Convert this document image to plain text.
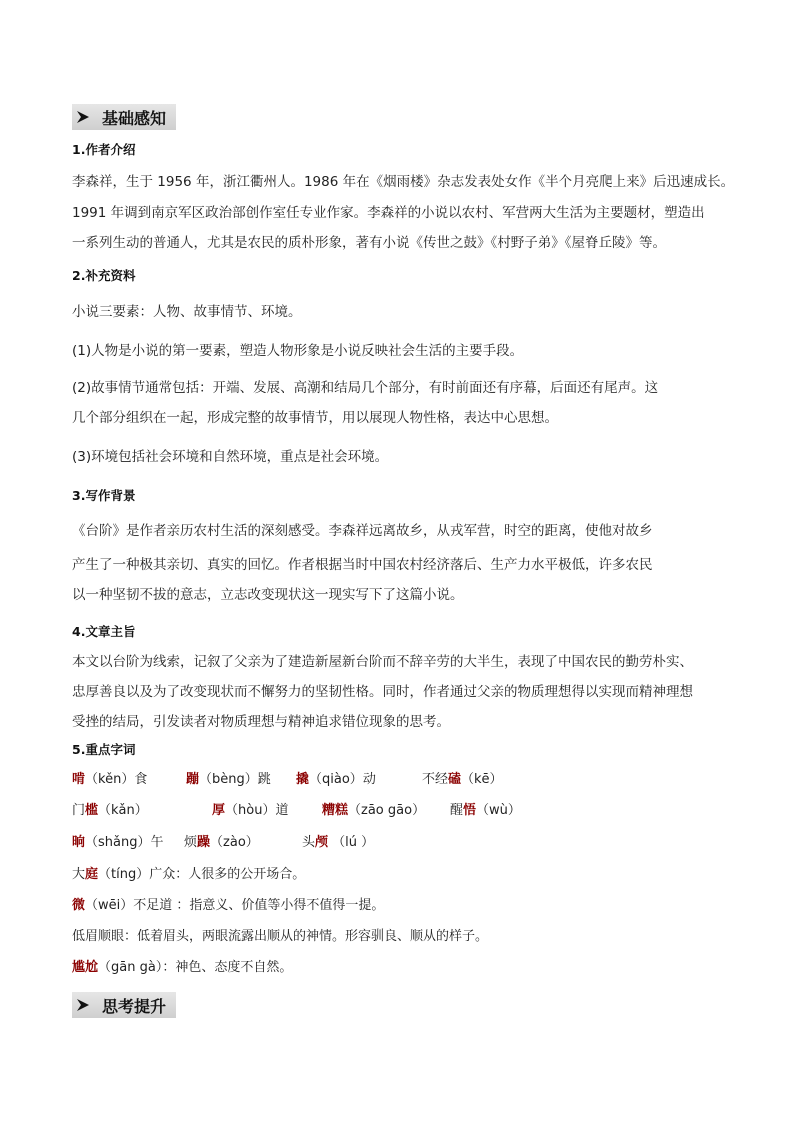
基础感知
1.作者介绍
李森祥，生于 1956 年，浙江衢州人。1986 年在《烟雨楼》杂志发表处女作《半个月亮爬上来》后迅速成长。
1991 年调到南京军区政治部创作室任专业作家。李森祥的小说以农村、军营两大生活为主要题材，塑造出
一系列生动的普通人，尤其是农民的质朴形象，著有小说《传世之鼓》《村野子弟》《屋脊丘陵》等。
2.补充资料
小说三要素：人物、故事情节、环境。
(1)人物是小说的第一要素，塑造人物形象是小说反映社会生活的主要手段。
(2)故事情节通常包括：开端、发展、高潮和结局几个部分，有时前面还有序幕，后面还有尾声。这
几个部分组织在一起，形成完整的故事情节，用以展现人物性格，表达中心思想。
(3)环境包括社会环境和自然环境，重点是社会环境。
3.写作背景
《台阶》是作者亲历农村生活的深刻感受。李森祥远离故乡，从戎军营，时空的距离，使他对故乡
产生了一种极其亲切、真实的回忆。作者根据当时中国农村经济落后、生产力水平极低，许多农民
以一种坚韧不拔的意志，立志改变现状这一现实写下了这篇小说。
4.文章主旨
本文以台阶为线索，记叙了父亲为了建造新屋新台阶而不辞辛劳的大半生，表现了中国农民的勤劳朴实、
忠厚善良以及为了改变现状而不懈努力的坚韧性格。同时，作者通过父亲的物质理想得以实现而精神理想
受挫的结局，引发读者对物质理想与精神追求错位现象的思考。
5.重点字词
啃（kěn）食	蹦（bèng）跳 撬（qiào）动	不经磕（kē）
门槛（kǎn）	厚（hòu）道	糟糕（zāo gāo） 醒悟（wù）
晌（shǎng）午 烦躁（zào）	头颅 （lú ）
大庭（tíng）广众：人很多的公开场合。
微（wēi）不足道 ：指意义、价值等小得不值得一提。
低眉顺眼：低着眉头，两眼流露出顺从的神情。形容驯良、顺从的样子。
尴尬（gān gà）：神色、态度不自然。
思考提升
